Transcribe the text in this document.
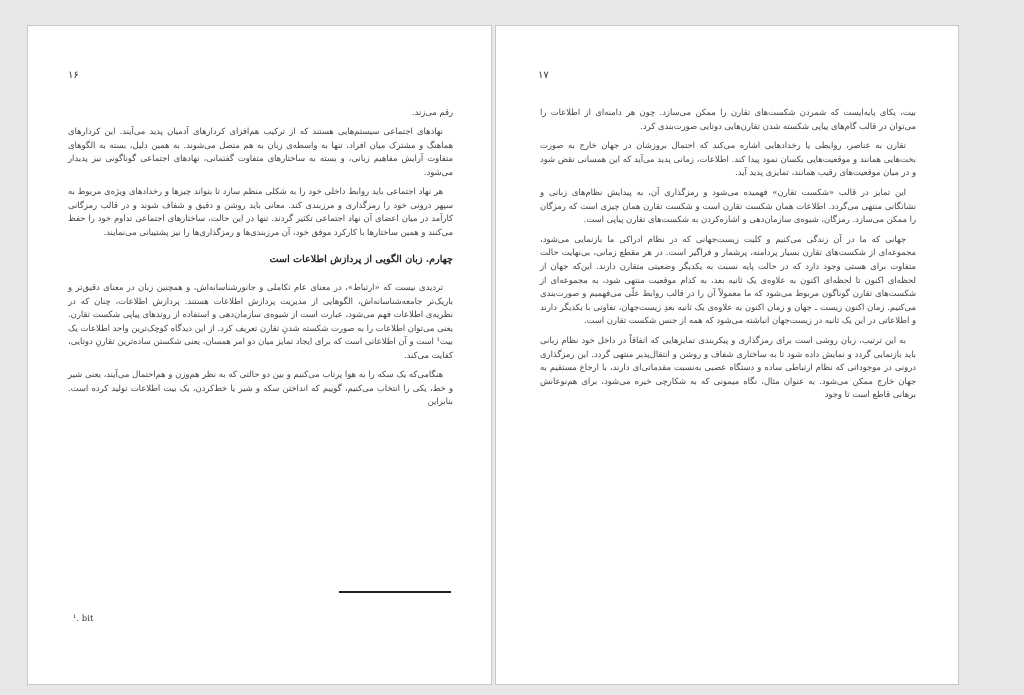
۱۶

رقم می‌زند.

نهادهای اجتماعی سیستم‌هایی هستند که از ترکیب هم‌افزای کردارهای آدمیان پدید می‌آیند. این کردارهای هماهنگ و مشترک میان افراد، تنها به واسطه‌ی زبان به هم متصل می‌شوند. به همین دلیل، بسته به الگوهای متفاوت آرایش مفاهیم زبانی، و بسته به ساختارهای متفاوت گفتمانی، نهادهای اجتماعی گوناگونی نیز پدیدار می‌شود.

هر نهاد اجتماعی باید روابط داخلی خود را به شکلی منظم سازد تا بتواند چیزها و رخدادهای ویژه‌ی مربوط به سپهر درونی خود را رمزگذاری و مرزبندی کند. معانی باید روشن و دقیق و شفاف شوند و در قالب رمزگانی کارآمد در میان اعضای آن نهاد اجتماعی تکثیر گردند. تنها در این حالت، ساختارهای اجتماعی تداوم خود را حفظ می‌کنند و همین ساختارها با کارکرد موفق خود، آن مرزبندی‌ها و رمزگذاری‌ها را نیز پشتیبانی می‌نمایند.

چهارم. زبان الگویی از پردازش اطلاعات است

تردیدی نیست که «ارتباط»، در معنای عام تکاملی و جانورشناسانه‌اش، و همچنین زبان در معنای دقیق‌تر و باریک‌تر جامعه‌شناسانه‌اش، الگوهایی از مدیریت پردازش اطلاعات هستند. پردازش اطلاعات، چنان که در نظریه‌ی اطلاعات فهم می‌شود، عبارت است از شیوه‌ی سازمان‌دهی و استفاده از روندهای پیاپی شکست تقارن. یعنی می‌توان اطلاعات را به صورت شکسته شدنِ تقارن تعریف کرد. از این دیدگاه کوچک‌ترین واحد اطلاعات یک بیت¹ است و آن اطلاعاتی است که برای ایجاد تمایز میان دو امر همسان، یعنی شکستن ساده‌ترین تقارنِ دوتایی، کفایت می‌کند.

هنگامی‌که یک سکه را به هوا پرتاب می‌کنیم و بین دو حالتی که به نظر هم‌وزن و هم‌احتمال می‌آیند، یعنی شیر و خط، یکی را انتخاب می‌کنیم، گوییم که انداختن سکه و شیر یا خط‌کردن، یک بیت اطلاعات تولید کرده است. بنابراین

¹. bit
۱۷

بیت، یکای پایه‌ایست که شمردن شکست‌های تقارن را ممکن می‌سازد. چون هر دامنه‌ای از اطلاعات را می‌توان در قالب گام‌های پیاپی شکسته شدن تقارن‌هایی دوتایی صورت‌بندی کرد.

تقارن به عناصر، روابطی یا رخدادهایی اشاره می‌کند که احتمال بروزشان در جهان خارج به صورت بخت‌هایی همانند و موقعیت‌هایی یکسان نمود پیدا کند. اطلاعات، زمانی پدید می‌آید که این همسانی نقض شود و در میان موقعیت‌های رقیب همانند، تمایزی پدید آید.

این تمایز در قالب «شکست تقارن» فهمیده می‌شود و رمزگذاری آن، به پیدایش نظام‌های زبانی و نشانگانی منتهی می‌گردد. اطلاعات همان شکست تقارن است و شکست تقارن همان چیزی است که رمزگان را ممکن می‌سازد. رمزگان، شیوه‌ی سازمان‌دهی و اشاره‌کردن به شکست‌های تقارن پیاپی است.

جهانی که ما در آن زندگی می‌کنیم و کلیت زیست‌جهانی که در نظام ادراکی ما بازنمایی می‌شود، مجموعه‌ای از شکست‌های تقارن بسیار پردامنه، پرشمار و فراگیر است. در هر مقطع زمانی، بی‌نهایت حالت متفاوت برای هستی وجود دارد که در حالت پایه نسبت به یکدیگر وضعیتی متقارن دارند. این‌که جهان از لحظه‌ای اکنون تا لحظه‌ای اکنون به علاوه‌ی یک ثانیه بعد، به کدام موقعیت منتهی شود، به مجموعه‌ای از شکست‌های تقارن گوناگون مربوط می‌شود که ما معمولاً آن را در قالب روابط علّی می‌فهمیم و صورت‌بندی می‌کنیم. زمان اکنون زیست ـ جهان و زمان اکنون به علاوه‌ی یک ثانیه بعدِ زیست‌جهان، تفاوتی با یکدیگر دارند و اطلاعاتی در این یک ثانیه در زیست‌جهان انباشته می‌شود که همه از جنس شکست تقارن است.

به این ترتیب، زبان روشی است برای رمزگذاری و پیکربندی تمایزهایی که اتفاقاً در داخل خود نظام زبانی باید بازنمایی گردد و نمایش داده شود تا به ساختاری شفاف و روشن و انتقال‌پذیر منتهی گردد. این رمزگذاری درونی در موجوداتی که نظام ارتباطی ساده و دستگاه عصبی به‌نسبت مقدماتی‌ای دارند، با ارجاع مستقیم به جهان خارج ممکن می‌شود. به عنوان مثال، نگاه میمونی که به شکارچی خیره می‌شود، برای هم‌نوعانش برهانی قاطع است تا وجود
